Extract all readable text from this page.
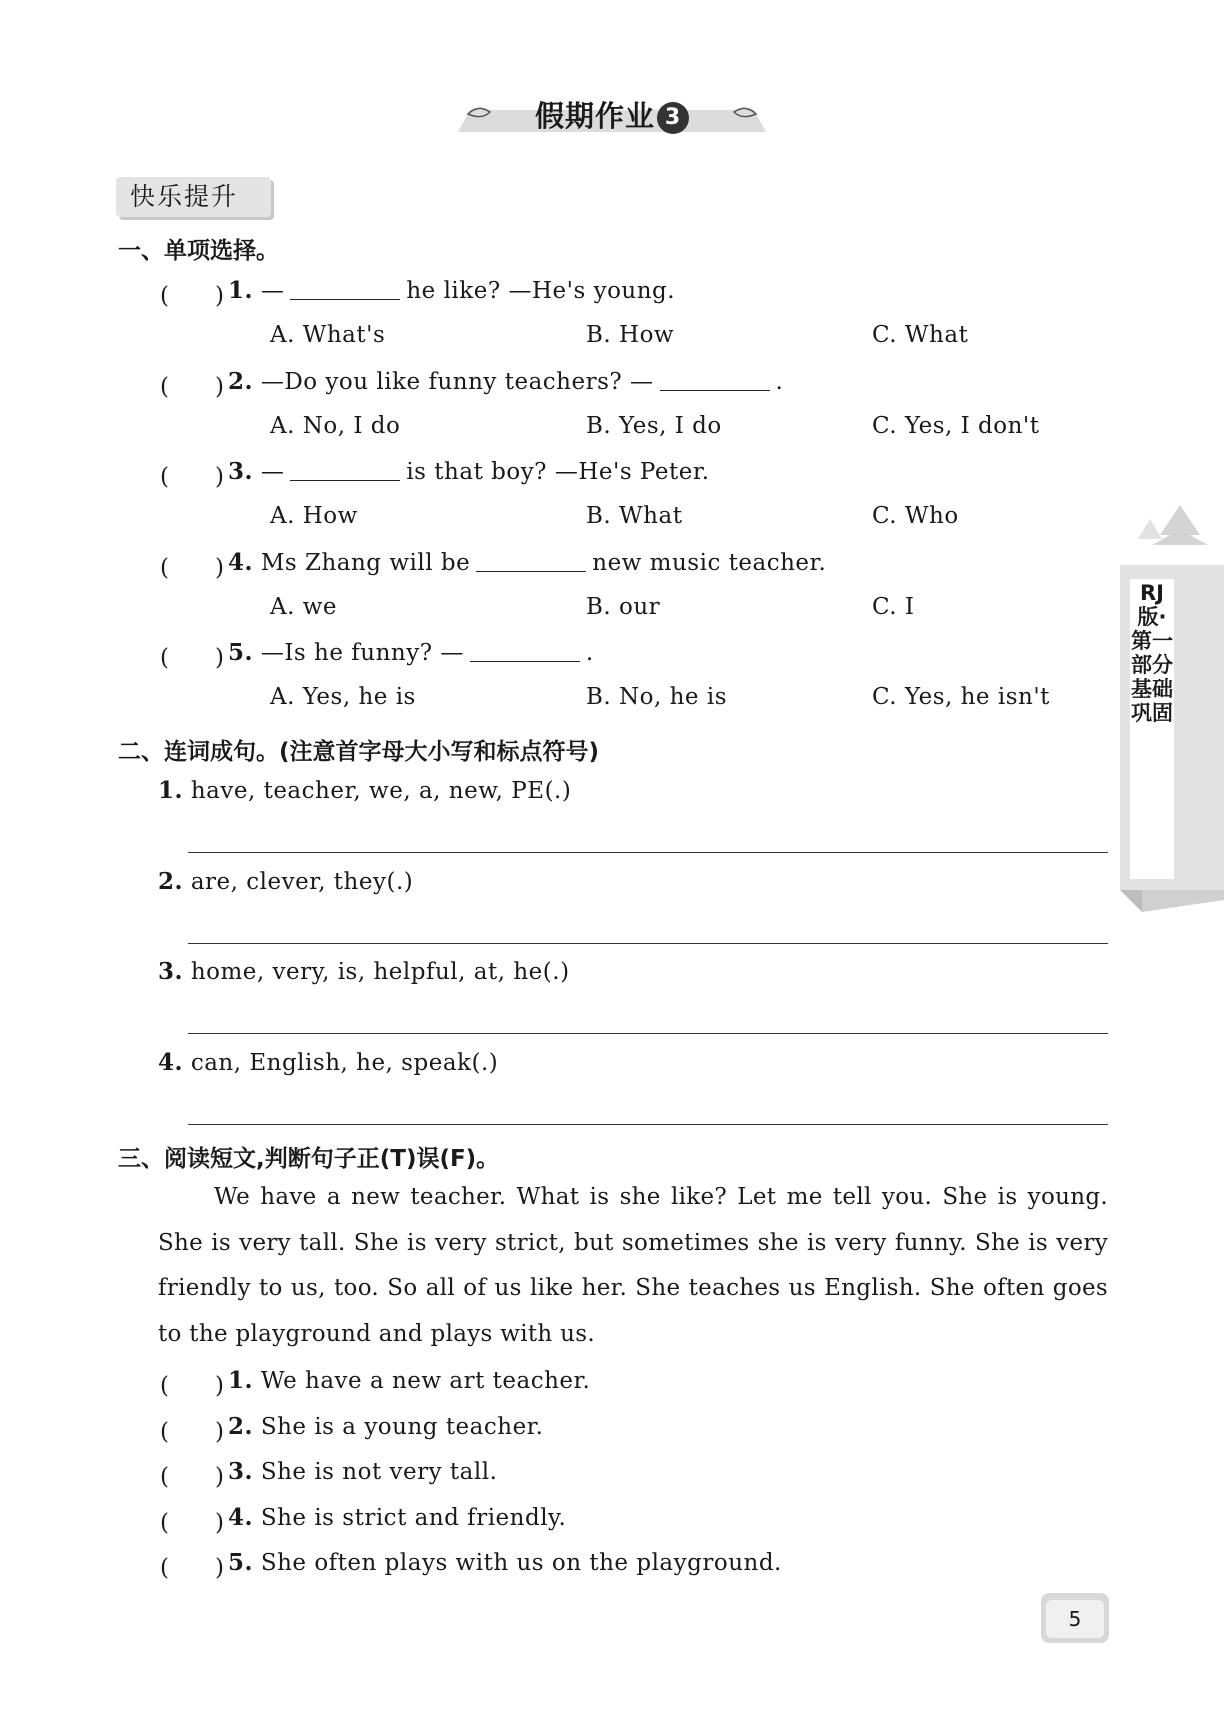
假期作业 3
快乐提升
一、单项选择。
(　　) 1. —	he like? —He's young.
A. What's	B. How	C. What
(　　) 2. —Do you like funny teachers? —	.
A. No, I do	B. Yes, I do	C. Yes, I don't
(　　) 3. —	is that boy? —He's Peter.
A. How	B. What	C. Who
(　　) 4. Ms Zhang will be	new music teacher.
A. we	B. our	C. I
(　　) 5. —Is he funny? —	.
A. Yes, he is	B. No, he is	C. Yes, he isn't
二、连词成句。(注意首字母大小写和标点符号)
1. have, teacher, we, a, new, PE(.)
2. are, clever, they(.)
3. home, very, is, helpful, at, he(.)
4. can, English, he, speak(.)
三、阅读短文,判断句子正(T)误(F)。
We have a new teacher. What is she like? Let me tell you. She is young. She is very tall. She is very strict, but sometimes she is very funny. She is very friendly to us, too. So all of us like her. She teaches us English. She often goes to the playground and plays with us.
(　　) 1. We have a new art teacher.
(　　) 2. She is a young teacher.
(　　) 3. She is not very tall.
(　　) 4. She is strict and friendly.
(　　) 5. She often plays with us on the playground.
RJ版·第一部分 基础巩固
5
